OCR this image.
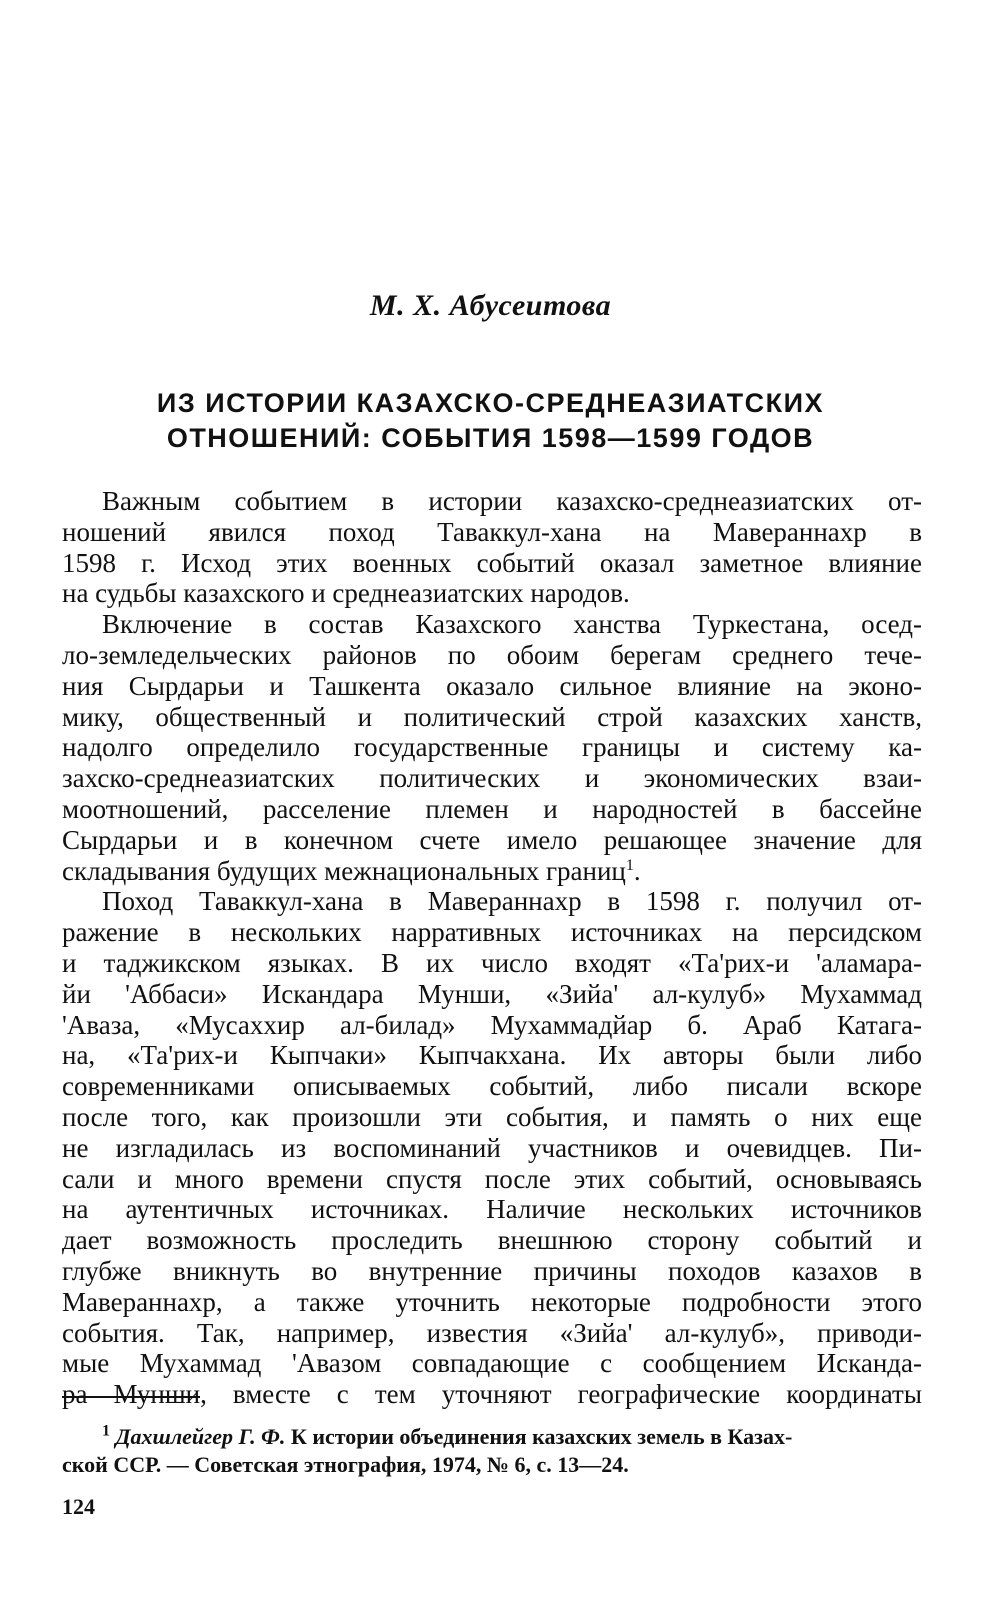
М. Х. Абусеитова
ИЗ ИСТОРИИ КАЗАХСКО-СРЕДНЕАЗИАТСКИХ
ОТНОШЕНИЙ: СОБЫТИЯ 1598—1599 ГОДОВ
Важным событием в истории казахско-среднеазиатских от-
ношений явился поход Таваккул-хана на Мавераннахр в
1598 г. Исход этих военных событий оказал заметное влияние
на судьбы казахского и среднеазиатских народов.
Включение в состав Казахского ханства Туркестана, осед-
ло-земледельческих районов по обоим берегам среднего тече-
ния Сырдарьи и Ташкента оказало сильное влияние на эконо-
мику, общественный и политический строй казахских ханств,
надолго определило государственные границы и систему ка-
захско-среднеазиатских политических и экономических взаи-
моотношений, расселение племен и народностей в бассейне
Сырдарьи и в конечном счете имело решающее значение для
складывания будущих межнациональных границ$^1$.
Поход Таваккул-хана в Мавераннахр в 1598 г. получил от-
ражение в нескольких нарративных источниках на персидском
и таджикском языках. В их число входят «Та'рих-и 'аламара-
йи 'Аббаси» Искандара Мунши, «Зийа' ал-кулуб» Мухаммад
'Аваза, «Мусаххир ал-билад» Мухаммадйар б. Араб Катага-
на, «Та'рих-и Кыпчаки» Кыпчакхана. Их авторы были либо
современниками описываемых событий, либо писали вскоре
после того, как произошли эти события, и память о них еще
не изгладилась из воспоминаний участников и очевидцев. Пи-
сали и много времени спустя после этих событий, основываясь
на аутентичных источниках. Наличие нескольких источников
дает возможность проследить внешнюю сторону событий и
глубже вникнуть во внутренние причины походов казахов в
Мавераннахр, а также уточнить некоторые подробности этого
события. Так, например, известия «Зийа' ал-кулуб», приводи-
мые Мухаммад 'Авазом совпадающие с сообщением Исканда-
ра Мунши, вместе с тем уточняют географические координаты
$^1$ Дахшлейгер Г. Ф. К истории объединения казахских земель в Казах-
ской ССР. — Советская этнография, 1974, № 6, с. 13—24.
124
